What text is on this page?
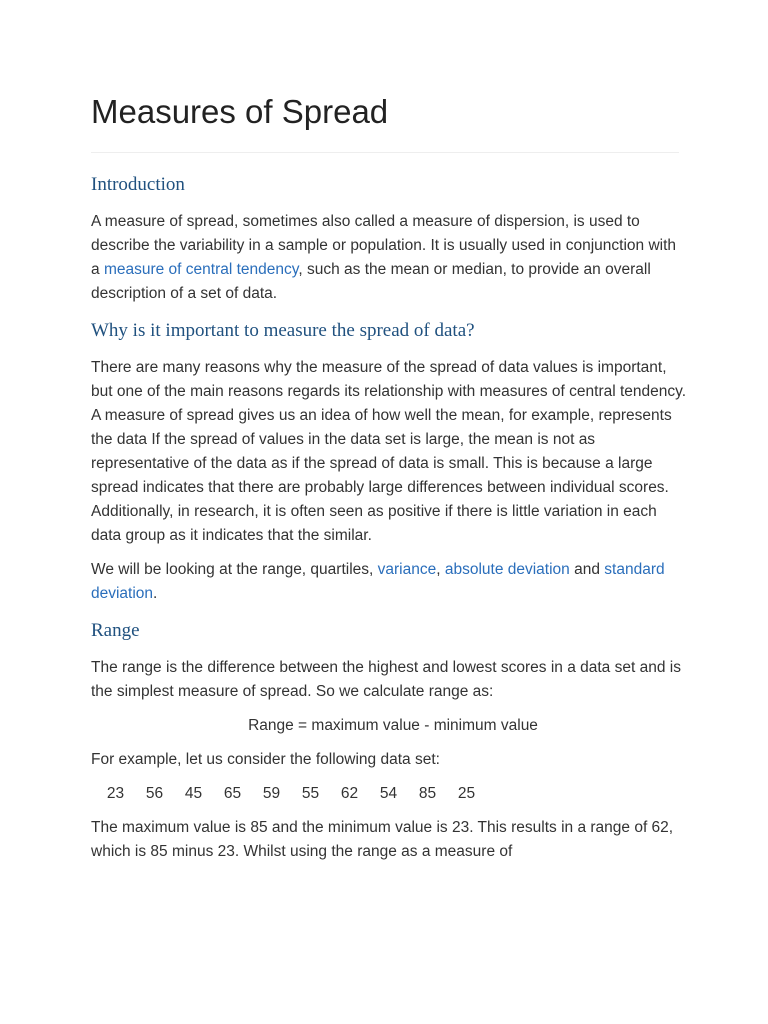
Measures of Spread
Introduction

A measure of spread, sometimes also called a measure of dispersion, is used to describe the variability in a sample or population. It is usually used in conjunction with a measure of central tendency, such as the mean or median, to provide an overall description of a set of data.

Why is it important to measure the spread of data?

There are many reasons why the measure of the spread of data values is important, but one of the main reasons regards its relationship with measures of central tendency. A measure of spread gives us an idea of how well the mean, for example, represents the data If the spread of values in the data set is large, the mean is not as representative of the data as if the spread of data is small. This is because a large spread indicates that there are probably large differences between individual scores. Additionally, in research, it is often seen as positive if there is little variation in each data group as it indicates that the similar.

We will be looking at the range, quartiles, variance, absolute deviation and standard deviation.

Range

The range is the difference between the highest and lowest scores in a data set and is the simplest measure of spread. So we calculate range as:

Range = maximum value - minimum value

For example, let us consider the following data set:

23 56 45 65 59 55 62 54 85 25

The maximum value is 85 and the minimum value is 23. This results in a range of 62, which is 85 minus 23. Whilst using the range as a measure of
